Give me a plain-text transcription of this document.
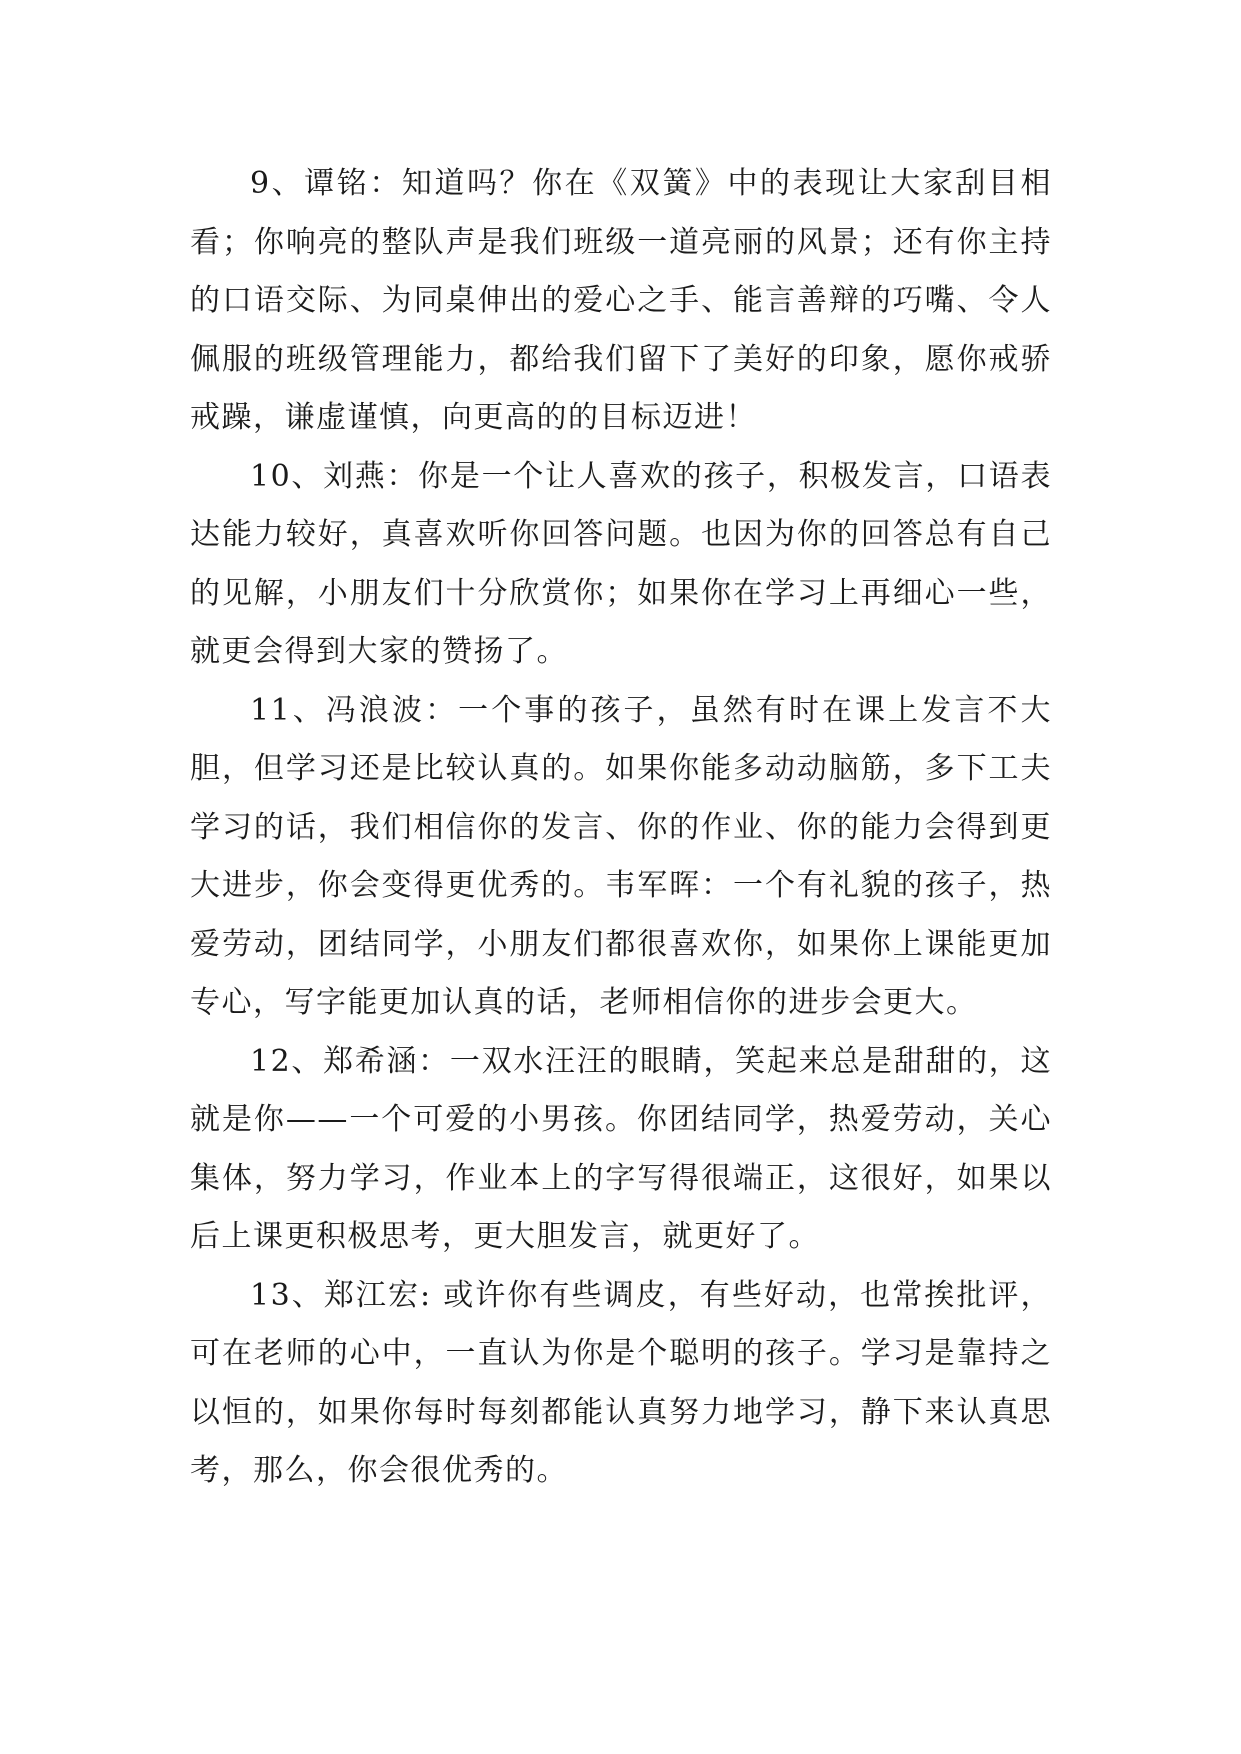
9、谭铭：知道吗？你在《双簧》中的表现让大家刮目相看；你响亮的整队声是我们班级一道亮丽的风景；还有你主持的口语交际、为同桌伸出的爱心之手、能言善辩的巧嘴、令人佩服的班级管理能力，都给我们留下了美好的印象，愿你戒骄戒躁，谦虚谨慎，向更高的的目标迈进！

10、刘燕：你是一个让人喜欢的孩子，积极发言，口语表达能力较好，真喜欢听你回答问题。也因为你的回答总有自己的见解，小朋友们十分欣赏你；如果你在学习上再细心一些，就更会得到大家的赞扬了。

11、冯浪波：一个事的孩子，虽然有时在课上发言不大胆，但学习还是比较认真的。如果你能多动动脑筋，多下工夫学习的话，我们相信你的发言、你的作业、你的能力会得到更大进步，你会变得更优秀的。韦军晖：一个有礼貌的孩子，热爱劳动，团结同学，小朋友们都很喜欢你，如果你上课能更加专心，写字能更加认真的话，老师相信你的进步会更大。

12、郑希涵：一双水汪汪的眼睛，笑起来总是甜甜的，这就是你——一个可爱的小男孩。你团结同学，热爱劳动，关心集体，努力学习，作业本上的字写得很端正，这很好，如果以后上课更积极思考，更大胆发言，就更好了。

13、郑江宏: 或许你有些调皮，有些好动，也常挨批评，可在老师的心中，一直认为你是个聪明的孩子。学习是靠持之以恒的，如果你每时每刻都能认真努力地学习，静下来认真思考，那么，你会很优秀的。
